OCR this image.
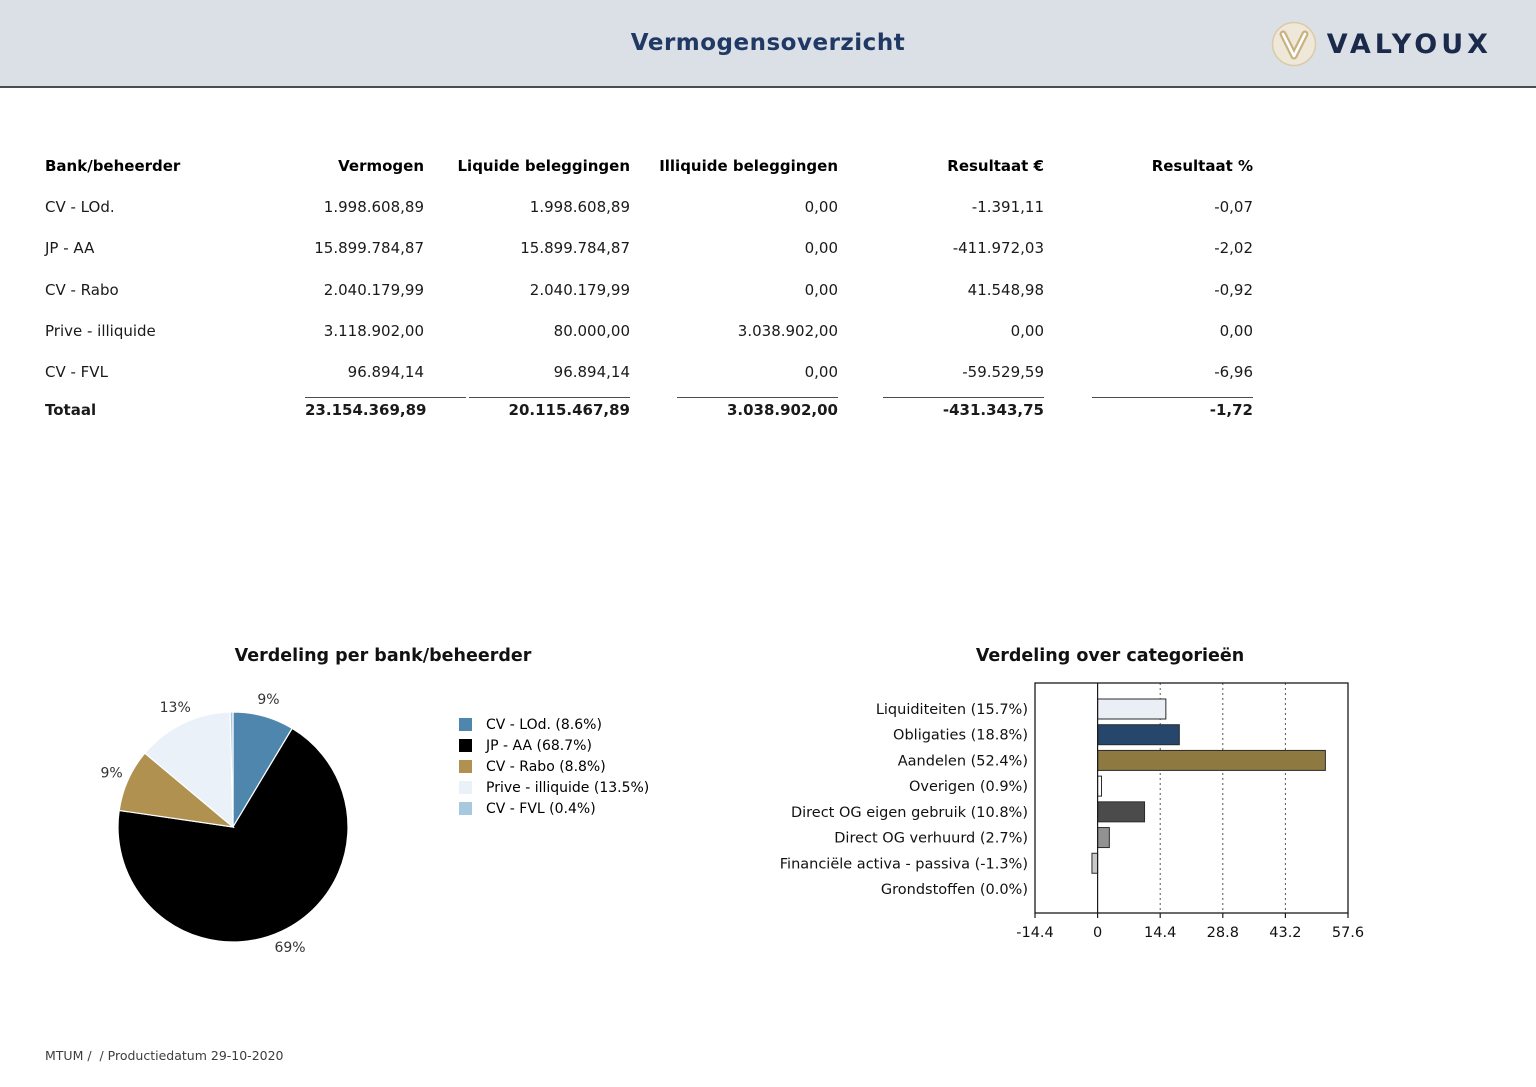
Vermogensoverzicht	VALYOUX
Bank/beheerder	Vermogen	Liquide beleggingen	Illiquide beleggingen	Resultaat €	Resultaat %
CV - LOd.	1.998.608,89	1.998.608,89	0,00	-1.391,11	-0,07
JP - AA	15.899.784,87	15.899.784,87	0,00	-411.972,03	-2,02
CV - Rabo	2.040.179,99	2.040.179,99	0,00	41.548,98	-0,92
Prive - illiquide	3.118.902,00	80.000,00	3.038.902,00	0,00	0,00
CV - FVL	96.894,14	96.894,14	0,00	-59.529,59	-6,96
Totaal	23.154.369,89	20.115.467,89	3.038.902,00	-431.343,75	-1,72
Verdeling per bank/beheerder
9%
69%
9%
13%
CV - LOd. (8.6%)
JP - AA (68.7%)
CV - Rabo (8.8%)
Prive - illiquide (13.5%)
CV - FVL (0.4%)
Verdeling over categorieën
Liquiditeiten (15.7%)
Obligaties (18.8%)
Aandelen (52.4%)
Overigen (0.9%)
Direct OG eigen gebruik (10.8%)
Direct OG verhuurd (2.7%)
Financiële activa - passiva (-1.3%)
Grondstoffen (0.0%)
-14.4	0	14.4 28.8 43.2 57.6
MTUM /  / Productiedatum 29-10-2020
